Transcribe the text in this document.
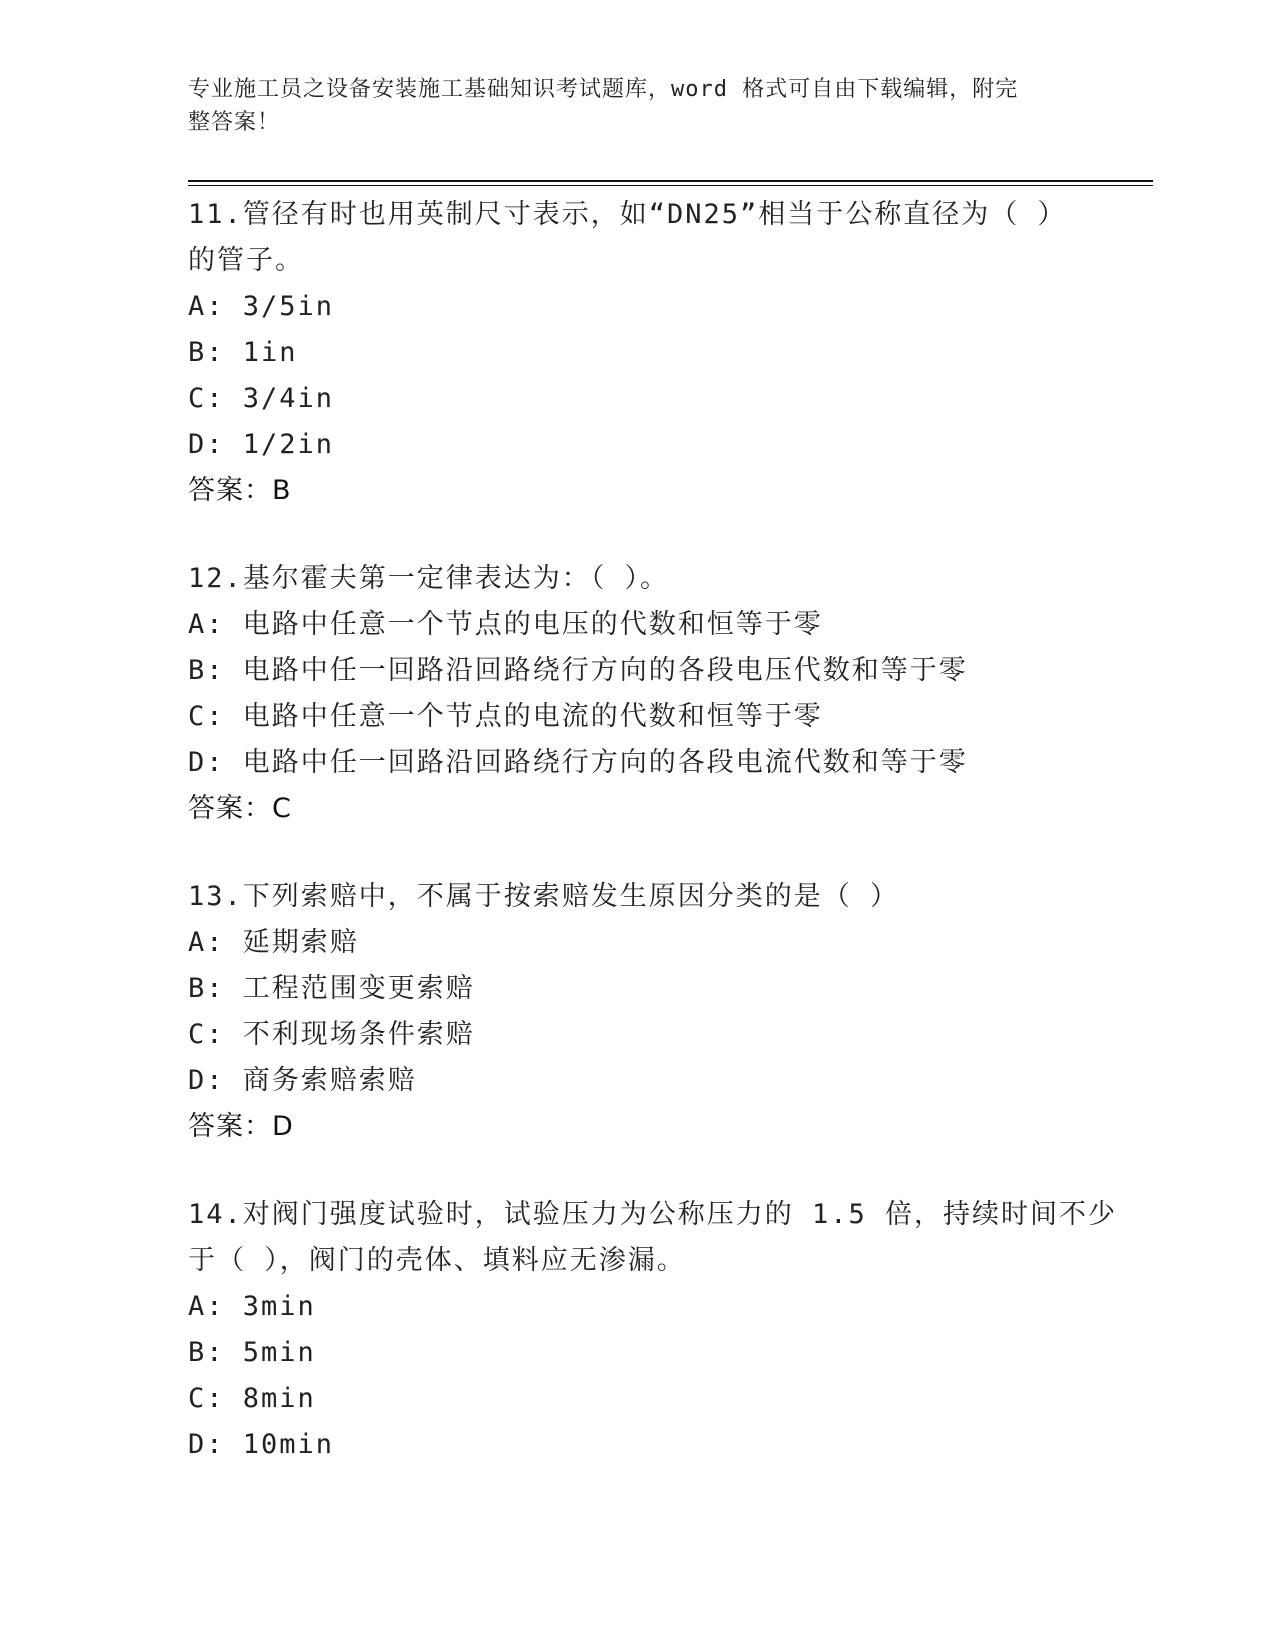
专业施工员之设备安装施工基础知识考试题库，word 格式可自由下载编辑，附完
整答案！
11.管径有时也用英制尺寸表示，如“DN25”相当于公称直径为（ ）
的管子。
A: 3/5in
B: 1in
C: 3/4in
D: 1/2in
答案：B
12.基尔霍夫第一定律表达为：（ ）。
A: 电路中任意一个节点的电压的代数和恒等于零
B: 电路中任一回路沿回路绕行方向的各段电压代数和等于零
C: 电路中任意一个节点的电流的代数和恒等于零
D: 电路中任一回路沿回路绕行方向的各段电流代数和等于零
答案：C
13.下列索赔中，不属于按索赔发生原因分类的是（ ）
A: 延期索赔
B: 工程范围变更索赔
C: 不利现场条件索赔
D: 商务索赔索赔
答案：D
14.对阀门强度试验时，试验压力为公称压力的 1.5 倍，持续时间不少
于（ ），阀门的壳体、填料应无渗漏。
A: 3min
B: 5min
C: 8min
D: 10min
